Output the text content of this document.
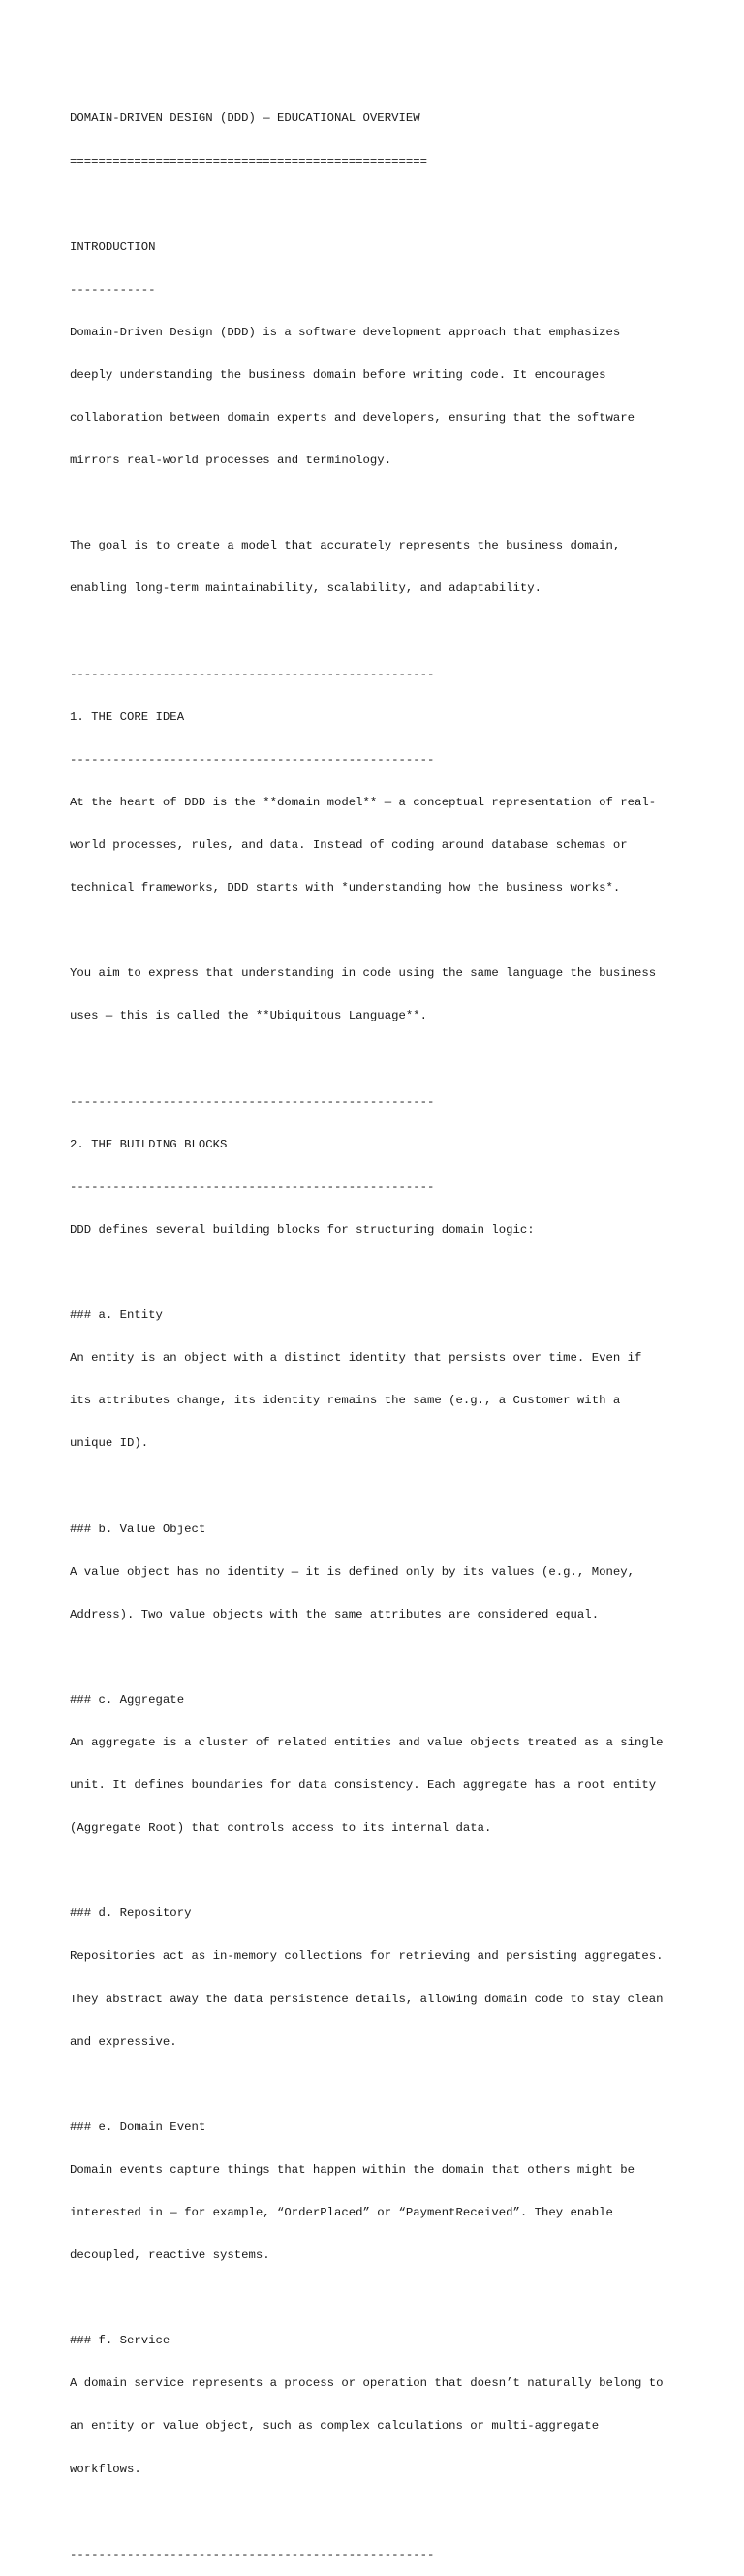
DOMAIN-DRIVEN DESIGN (DDD) — EDUCATIONAL OVERVIEW

==================================================

INTRODUCTION

------------

Domain-Driven Design (DDD) is a software development approach that emphasizes

deeply understanding the business domain before writing code. It encourages

collaboration between domain experts and developers, ensuring that the software

mirrors real-world processes and terminology.

The goal is to create a model that accurately represents the business domain,

enabling long-term maintainability, scalability, and adaptability.

---------------------------------------------------

1. THE CORE IDEA

---------------------------------------------------

At the heart of DDD is the **domain model** — a conceptual representation of real-

world processes, rules, and data. Instead of coding around database schemas or

technical frameworks, DDD starts with *understanding how the business works*.

You aim to express that understanding in code using the same language the business

uses — this is called the **Ubiquitous Language**.

---------------------------------------------------

2. THE BUILDING BLOCKS

---------------------------------------------------

DDD defines several building blocks for structuring domain logic:

### a. Entity

An entity is an object with a distinct identity that persists over time. Even if

its attributes change, its identity remains the same (e.g., a Customer with a

unique ID).

### b. Value Object

A value object has no identity — it is defined only by its values (e.g., Money,

Address). Two value objects with the same attributes are considered equal.

### c. Aggregate

An aggregate is a cluster of related entities and value objects treated as a single

unit. It defines boundaries for data consistency. Each aggregate has a root entity

(Aggregate Root) that controls access to its internal data.

### d. Repository

Repositories act as in-memory collections for retrieving and persisting aggregates.

They abstract away the data persistence details, allowing domain code to stay clean

and expressive.

### e. Domain Event

Domain events capture things that happen within the domain that others might be

interested in — for example, “OrderPlaced” or “PaymentReceived”. They enable

decoupled, reactive systems.

### f. Service

A domain service represents a process or operation that doesn’t naturally belong to

an entity or value object, such as complex calculations or multi-aggregate

workflows.

---------------------------------------------------
